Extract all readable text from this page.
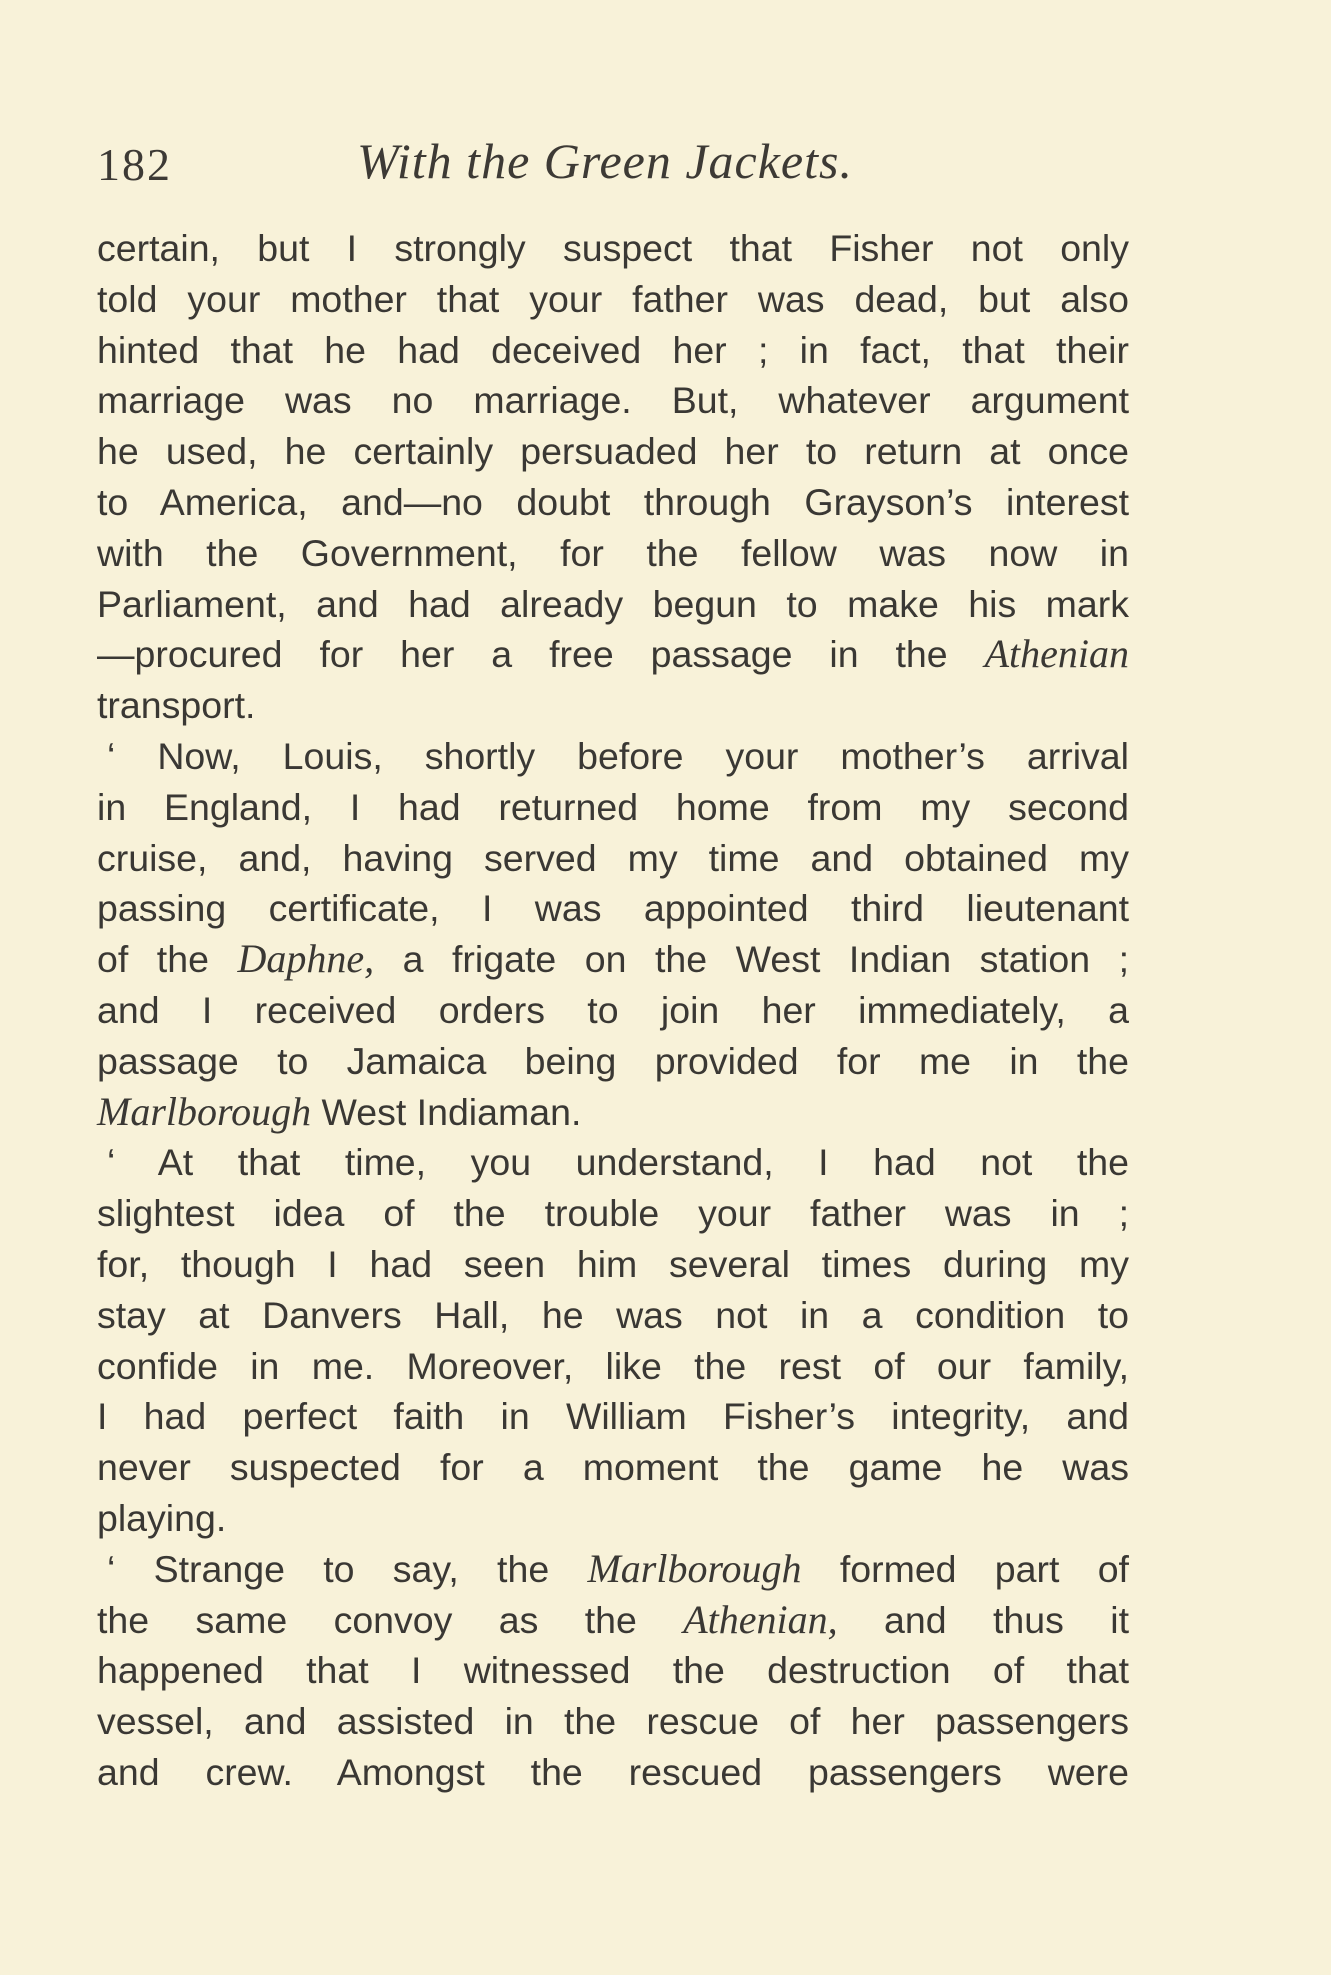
182	With the Green Jackets.
certain, but I strongly suspect that Fisher not only
told your mother that your father was dead, but also
hinted that he had deceived her ; in fact, that their
marriage was no marriage. But, whatever argument
he used, he certainly persuaded her to return at once
to America, and—no doubt through Grayson’s interest
with the Government, for the fellow was now in
Parliament, and had already begun to make his mark
—procured for her a free passage in the Athenian
transport.
‘ Now, Louis, shortly before your mother’s arrival
in England, I had returned home from my second
cruise, and, having served my time and obtained my
passing certificate, I was appointed third lieutenant
of the Daphne, a frigate on the West Indian station ;
and I received orders to join her immediately, a
passage to Jamaica being provided for me in the
Marlborough West Indiaman.
‘ At that time, you understand, I had not the
slightest idea of the trouble your father was in ;
for, though I had seen him several times during my
stay at Danvers Hall, he was not in a condition to
confide in me. Moreover, like the rest of our family,
I had perfect faith in William Fisher’s integrity, and
never suspected for a moment the game he was
playing.
‘ Strange to say, the Marlborough formed part of
the same convoy as the Athenian, and thus it
happened that I witnessed the destruction of that
vessel, and assisted in the rescue of her passengers
and crew. Amongst the rescued passengers were
